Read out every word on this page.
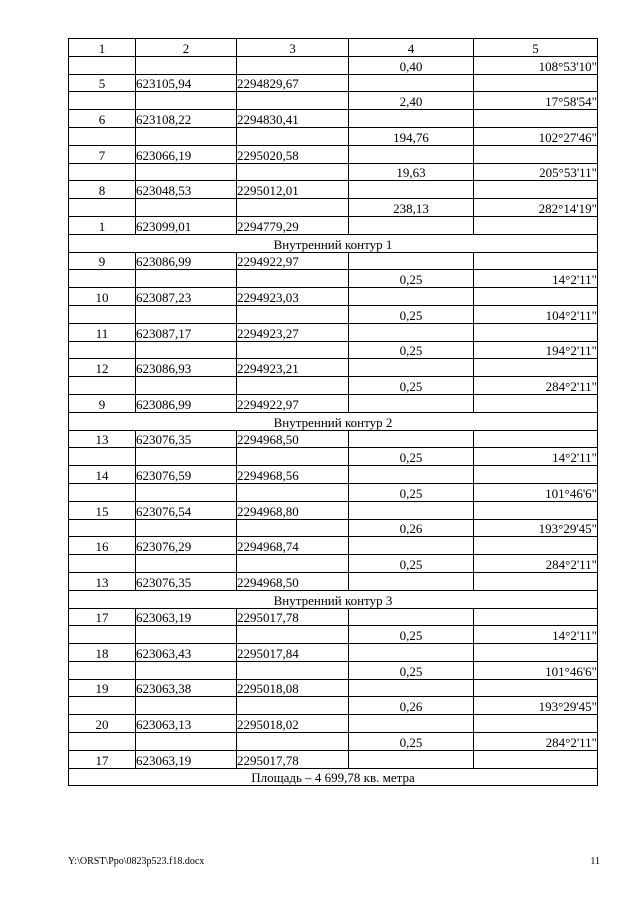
1	2	3	4	5
			0,40	108°53'10"
5	623105,94	2294829,67		
			2,40	17°58'54"
6	623108,22	2294830,41		
			194,76	102°27'46"
7	623066,19	2295020,58		
			19,63	205°53'11"
8	623048,53	2295012,01		
			238,13	282°14'19"
1	623099,01	2294779,29		
Внутренний контур 1				
9	623086,99	2294922,97		
			0,25	14°2'11"
10	623087,23	2294923,03		
			0,25	104°2'11"
11	623087,17	2294923,27		
			0,25	194°2'11"
12	623086,93	2294923,21		
			0,25	284°2'11"
9	623086,99	2294922,97		
Внутренний контур 2				
13	623076,35	2294968,50		
			0,25	14°2'11"
14	623076,59	2294968,56		
			0,25	101°46'6"
15	623076,54	2294968,80		
			0,26	193°29'45"
16	623076,29	2294968,74		
			0,25	284°2'11"
13	623076,35	2294968,50		
Внутренний контур 3				
17	623063,19	2295017,78		
			0,25	14°2'11"
18	623063,43	2295017,84		
			0,25	101°46'6"
19	623063,38	2295018,08		
			0,26	193°29'45"
20	623063,13	2295018,02		
			0,25	284°2'11"
17	623063,19	2295017,78		
Площадь – 4 699,78 кв. метра				
Y:\ORST\Ppo\0823p523.f18.docx	11
